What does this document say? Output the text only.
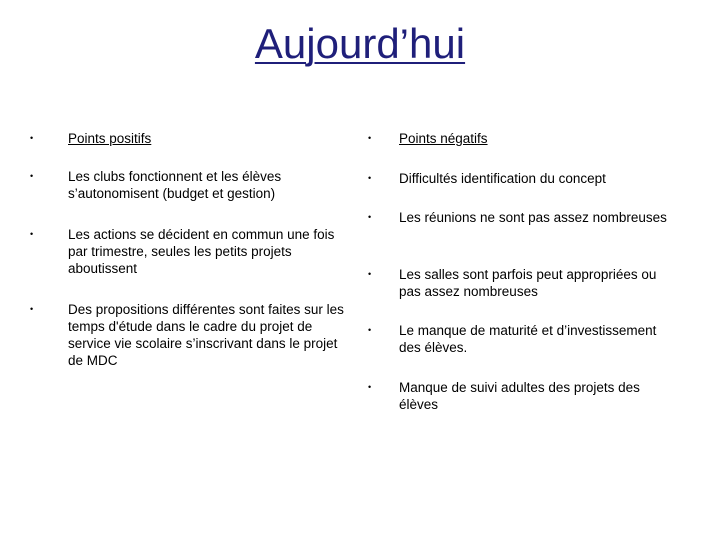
Aujourd’hui
•	Points positifs
•	Les clubs fonctionnent et les élèves s’autonomisent (budget et gestion)
•	Les actions se décident en commun une fois par trimestre, seules les petits projets aboutissent
•	Des propositions différentes sont faites sur les temps d'étude dans le cadre du projet de service vie scolaire s’inscrivant dans le projet de MDC
• Points négatifs
• Difficultés identification du concept
• Les réunions ne sont pas assez nombreuses
• Les salles sont parfois peut appropriées ou pas assez nombreuses
• Le manque de maturité et d’investissement des élèves.
• Manque de suivi adultes des projets des élèves
